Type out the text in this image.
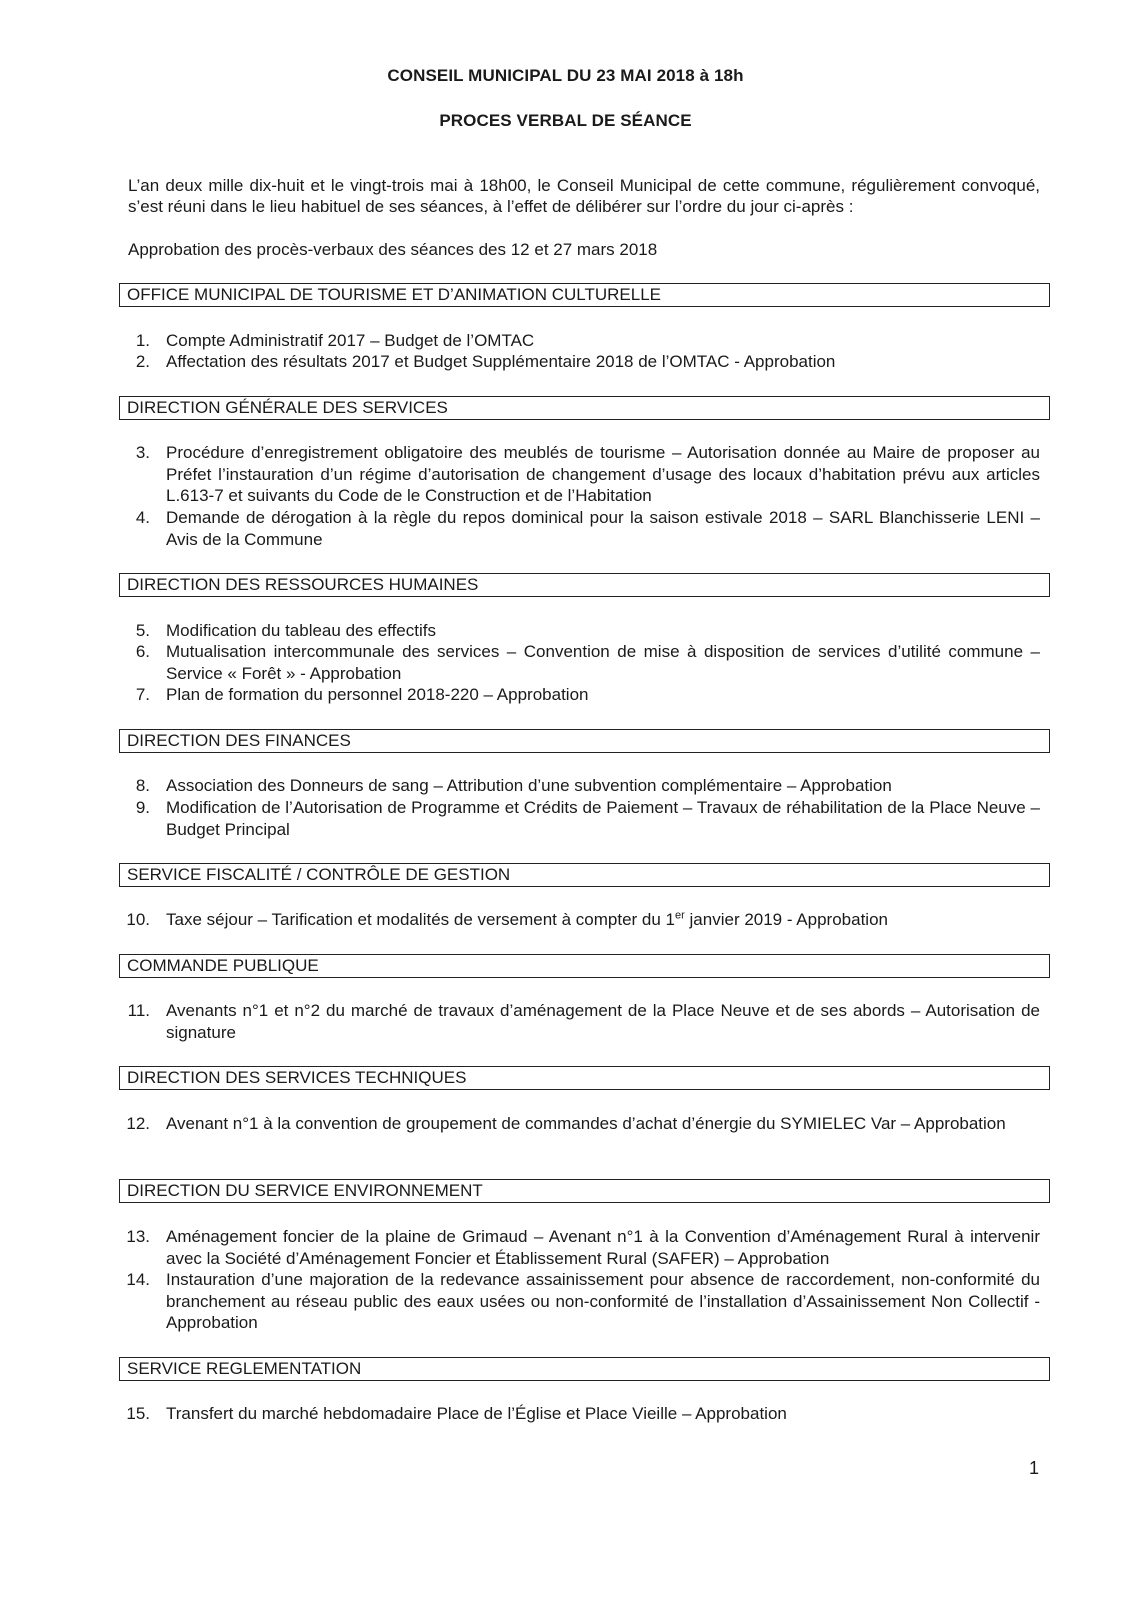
CONSEIL MUNICIPAL DU 23 MAI 2018 à 18h
PROCES VERBAL DE SÉANCE
L’an deux mille dix-huit et le vingt-trois mai à 18h00, le Conseil Municipal de cette commune, régulièrement convoqué, s’est réuni dans le lieu habituel de ses séances, à l’effet de délibérer sur l’ordre du jour ci-après :
Approbation des procès-verbaux des séances des 12 et 27 mars 2018
OFFICE MUNICIPAL DE TOURISME ET D’ANIMATION CULTURELLE
1. Compte Administratif 2017 – Budget de l’OMTAC
2. Affectation des résultats 2017 et Budget Supplémentaire 2018 de l’OMTAC - Approbation
DIRECTION GÉNÉRALE DES SERVICES
3. Procédure d’enregistrement obligatoire des meublés de tourisme – Autorisation donnée au Maire de proposer au Préfet l’instauration d’un régime d’autorisation de changement d’usage des locaux d’habitation prévu aux articles L.613-7 et suivants du Code de le Construction et de l’Habitation
4. Demande de dérogation à la règle du repos dominical pour la saison estivale 2018 – SARL Blanchisserie LENI – Avis de la Commune
DIRECTION DES RESSOURCES HUMAINES
5. Modification du tableau des effectifs
6. Mutualisation intercommunale des services – Convention de mise à disposition de services d’utilité commune – Service « Forêt » - Approbation
7. Plan de formation du personnel 2018-220 – Approbation
DIRECTION DES FINANCES
8. Association des Donneurs de sang – Attribution d’une subvention complémentaire – Approbation
9. Modification de l’Autorisation de Programme et Crédits de Paiement – Travaux de réhabilitation de la Place Neuve – Budget Principal
SERVICE FISCALITÉ / CONTRÔLE DE GESTION
10. Taxe séjour – Tarification et modalités de versement à compter du 1er janvier 2019 - Approbation
COMMANDE PUBLIQUE
11. Avenants n°1 et n°2 du marché de travaux d’aménagement de la Place Neuve et de ses abords – Autorisation de signature
DIRECTION DES SERVICES TECHNIQUES
12. Avenant n°1 à la convention de groupement de commandes d’achat d’énergie du SYMIELEC Var – Approbation
DIRECTION DU SERVICE ENVIRONNEMENT
13. Aménagement foncier de la plaine de Grimaud – Avenant n°1 à la Convention d’Aménagement Rural à intervenir avec la Société d’Aménagement Foncier et Établissement Rural (SAFER) – Approbation
14. Instauration d’une majoration de la redevance assainissement pour absence de raccordement, non-conformité du branchement au réseau public des eaux usées ou non-conformité de l’installation d’Assainissement Non Collectif - Approbation
SERVICE REGLEMENTATION
15. Transfert du marché hebdomadaire Place de l’Église et Place Vieille – Approbation
1
